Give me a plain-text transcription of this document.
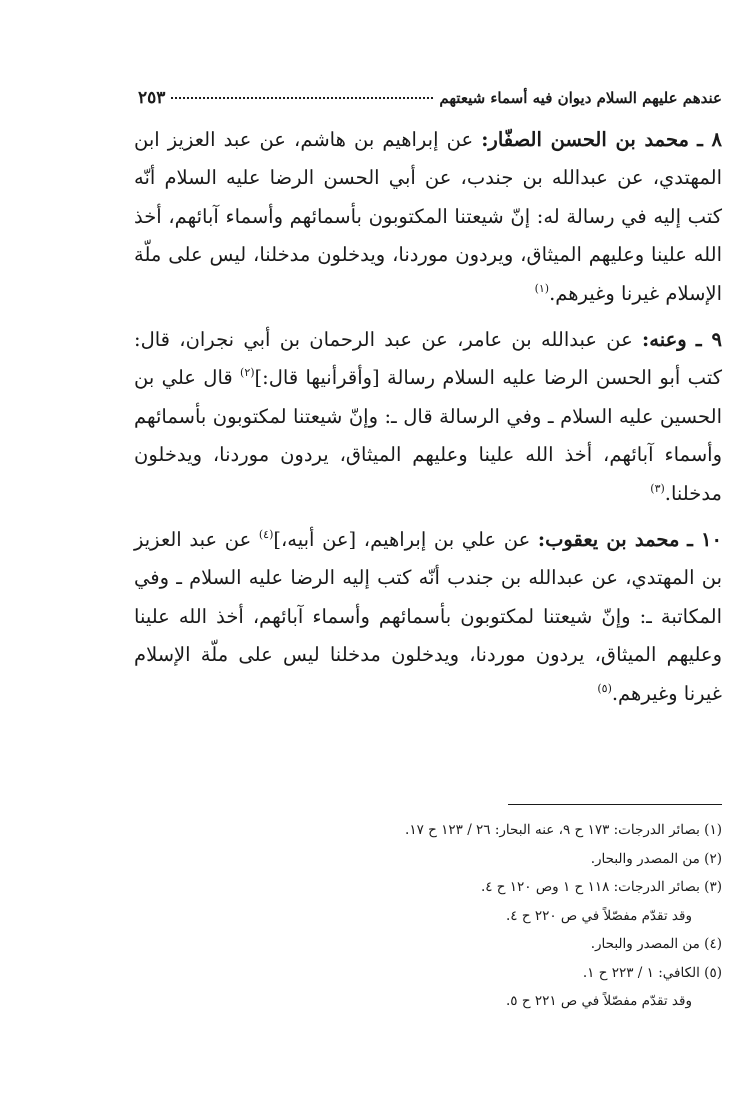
عندهم عليهم السلام ديوان فيه أسماء شيعتهم
٢٥٣

٨ ـ محمد بن الحسن الصفّار: عن إبراهيم بن هاشم، عن عبد العزيز ابن المهتدي، عن عبدالله بن جندب، عن أبي الحسن الرضا عليه السلام أنّه كتب إليه في رسالة له: إنّ شيعتنا المكتوبون بأسمائهم وأسماء آبائهم، أخذ الله علينا وعليهم الميثاق، ويردون موردنا، ويدخلون مدخلنا، ليس على ملّة الإسلام غيرنا وغيرهم.$^{(١)}$

٩ ـ وعنه: عن عبدالله بن عامر، عن عبد الرحمان بن أبي نجران، قال: كتب أبو الحسن الرضا عليه السلام رسالة [وأقرأنيها قال:]$^{(٢)}$ قال علي بن الحسين عليه السلام ـ وفي الرسالة قال ـ: وإنّ شيعتنا لمكتوبون بأسمائهم وأسماء آبائهم، أخذ الله علينا وعليهم الميثاق، يردون موردنا، ويدخلون مدخلنا.$^{(٣)}$

١٠ ـ محمد بن يعقوب: عن علي بن إبراهيم، [عن أبيه،]$^{(٤)}$ عن عبد العزيز بن المهتدي، عن عبدالله بن جندب أنّه كتب إليه الرضا عليه السلام ـ وفي المكاتبة ـ: وإنّ شيعتنا لمكتوبون بأسمائهم وأسماء آبائهم، أخذ الله علينا وعليهم الميثاق، يردون موردنا، ويدخلون مدخلنا ليس على ملّة الإسلام غيرنا وغيرهم.$^{(٥)}$

(١) بصائر الدرجات: ١٧٣ ح ٩، عنه البحار: ٢٦ / ١٢٣ ح ١٧.
(٢) من المصدر والبحار.
(٣) بصائر الدرجات: ١١٨ ح ١ وص ١٢٠ ح ٤.
وقد تقدّم مفصّلاً في ص ٢٢٠ ح ٤.
(٤) من المصدر والبحار.
(٥) الكافي: ١ / ٢٢٣ ح ١.
وقد تقدّم مفصّلاً في ص ٢٢١ ح ٥.
